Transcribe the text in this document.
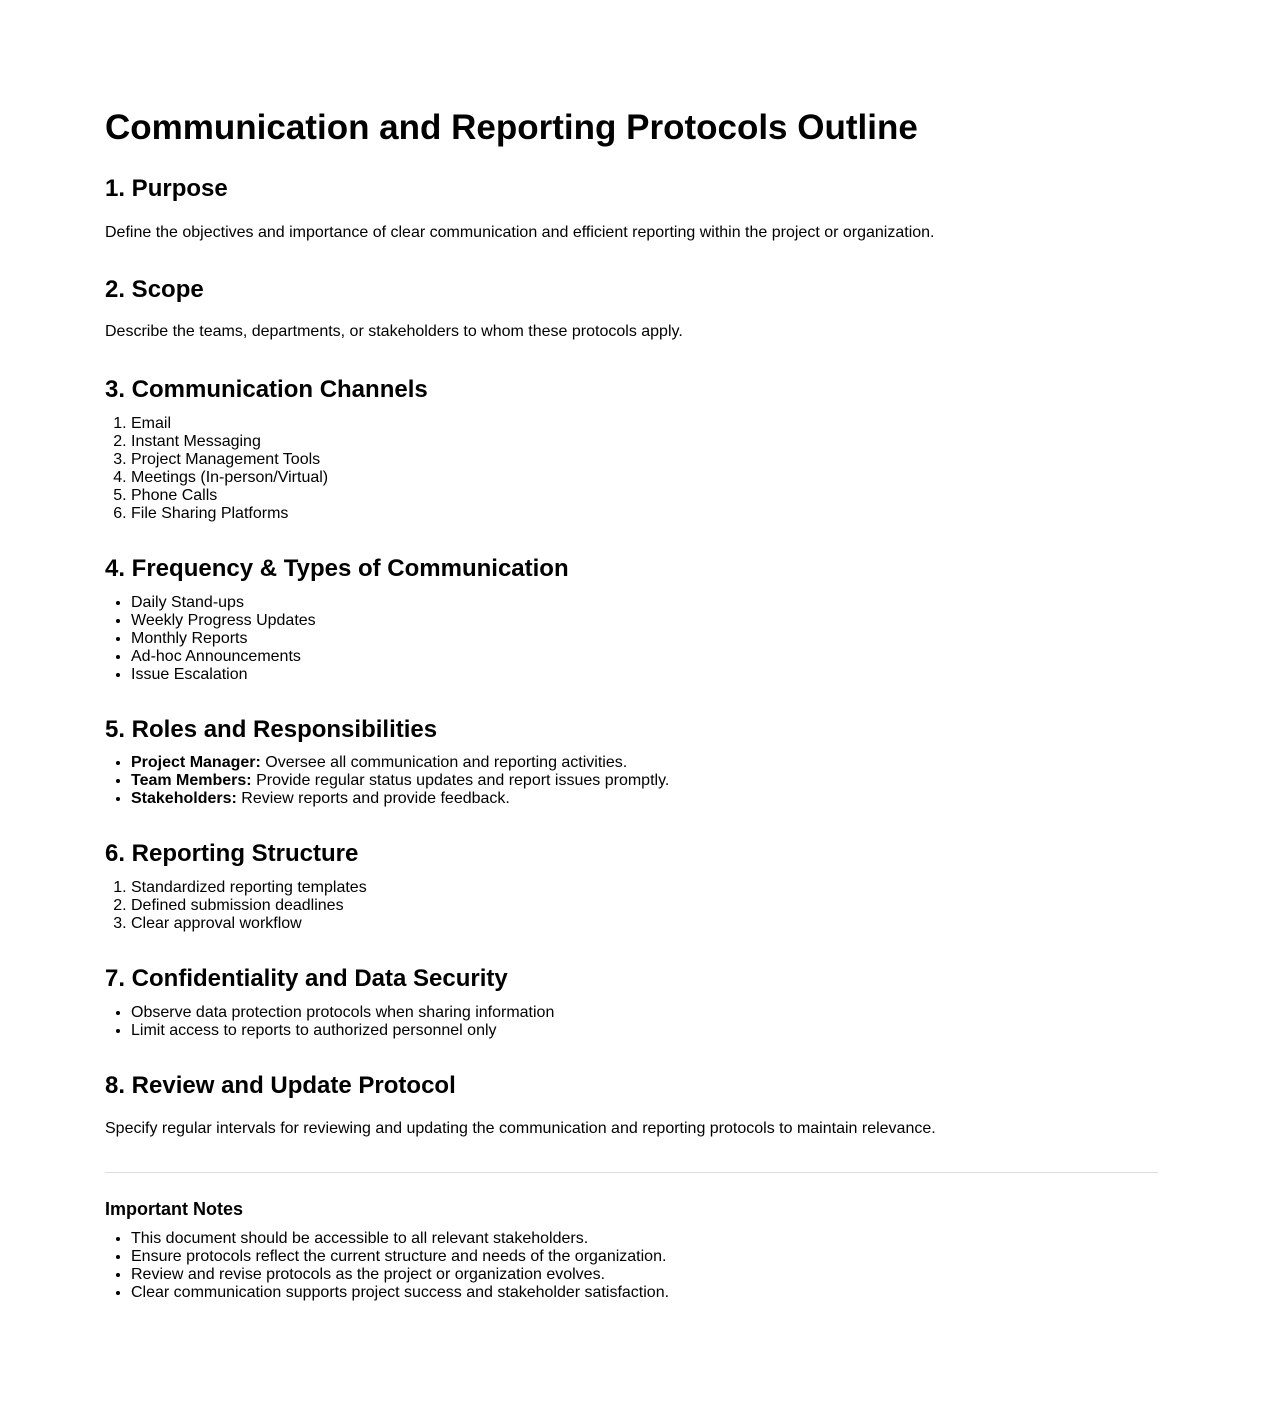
Communication and Reporting Protocols Outline
1. Purpose

Define the objectives and importance of clear communication and efficient reporting within the project or organization.

2. Scope

Describe the teams, departments, or stakeholders to whom these protocols apply.

3. Communication Channels
1. Email
2. Instant Messaging
3. Project Management Tools
4. Meetings (In-person/Virtual)
5. Phone Calls
6. File Sharing Platforms
4. Frequency & Types of Communication
• Daily Stand-ups
• Weekly Progress Updates
• Monthly Reports
• Ad-hoc Announcements
• Issue Escalation
5. Roles and Responsibilities
• Project Manager: Oversee all communication and reporting activities.
• Team Members: Provide regular status updates and report issues promptly.
• Stakeholders: Review reports and provide feedback.
6. Reporting Structure
1. Standardized reporting templates
2. Defined submission deadlines
3. Clear approval workflow
7. Confidentiality and Data Security
• Observe data protection protocols when sharing information
• Limit access to reports to authorized personnel only
8. Review and Update Protocol

Specify regular intervals for reviewing and updating the communication and reporting protocols to maintain relevance.

Important Notes
• This document should be accessible to all relevant stakeholders.
• Ensure protocols reflect the current structure and needs of the organization.
• Review and revise protocols as the project or organization evolves.
• Clear communication supports project success and stakeholder satisfaction.
